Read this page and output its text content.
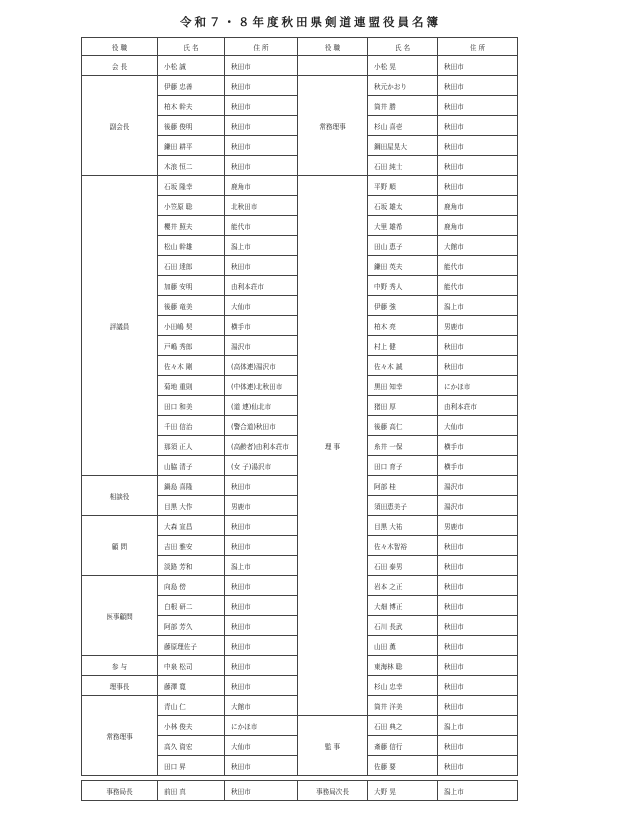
令和７・８年度秋田県剣道連盟役員名簿
役 職	氏 名	住 所	役 職	氏 名	住 所
会 長	小松 誠	秋田市		小松 晃	秋田市
副会長	伊藤 忠善	秋田市	常務理事	秋元かおり	秋田市
	柏木 幹夫	秋田市		筒井 勝	秋田市
	後藤 俊明	秋田市		杉山 喜壱	秋田市
	鎌田 耕平	秋田市		鋼田屋晃大	秋田市
	木浪 恒二	秋田市		石田 純士	秋田市
評議員	石坂 隆幸	鹿角市	理 事	平野 順	秋田市
	小笠原 聡	北秋田市		石坂 雄太	鹿角市
	櫻井 照夫	能代市		大里 雄希	鹿角市
	松山 幹雄	潟上市		田山 恵子	大館市
	石田 達郎	秋田市		鎌田 英夫	能代市
	加藤 安明	由利本荘市		中野 秀人	能代市
	後藤 竜美	大仙市		伊藤 強	潟上市
	小田嶋 契	横手市		柏木 亮	男鹿市
	戸嶋 秀郎	湯沢市		村上 健	秋田市
	佐々木 剛	(高体連)湯沢市		佐々木 誠	秋田市
	菊地 重則	(中体連)北秋田市		黒田 知幸	にかほ市
	田口 和美	(道 連)仙北市		猪田 厚	由利本荘市
	千田 信治	(警合道)秋田市		後藤 高仁	大仙市
	那須 正人	(高齢者)由利本荘市		糸井 一保	横手市
	山脇 清子	(女 子)湯沢市		田口 育子	横手市
相談役	鍋島 喜隆	秋田市		阿部 桂	湯沢市
	目黒 大作	男鹿市		須田恵美子	湯沢市
顧 問	大森 宣昌	秋田市		目黒 大祐	男鹿市
	吉田 雅安	秋田市		佐々木智裕	秋田市
	淡路 芳和	潟上市		石田 泰男	秋田市
医事顧問	向島 傍	秋田市		岩本 之正	秋田市
	白根 研二	秋田市		大畑 博正	秋田市
	阿部 芳久	秋田市		石川 長武	秋田市
	藤原理佐子	秋田市		山田 薫	秋田市
参 与	中泉 松司	秋田市		東海林 聡	秋田市
理事長	藤澤 寛	秋田市		杉山 忠幸	秋田市
常務理事	青山 仁	大館市		筒井 洋美	秋田市
	小林 俊夫	にかほ市	監 事	石田 典之	潟上市
	高久 資宏	大仙市		斎藤 信行	秋田市
	田口 昇	秋田市		佐藤 要	秋田市
事務局長	前田 真	秋田市	事務局次長	大野 晃	潟上市
